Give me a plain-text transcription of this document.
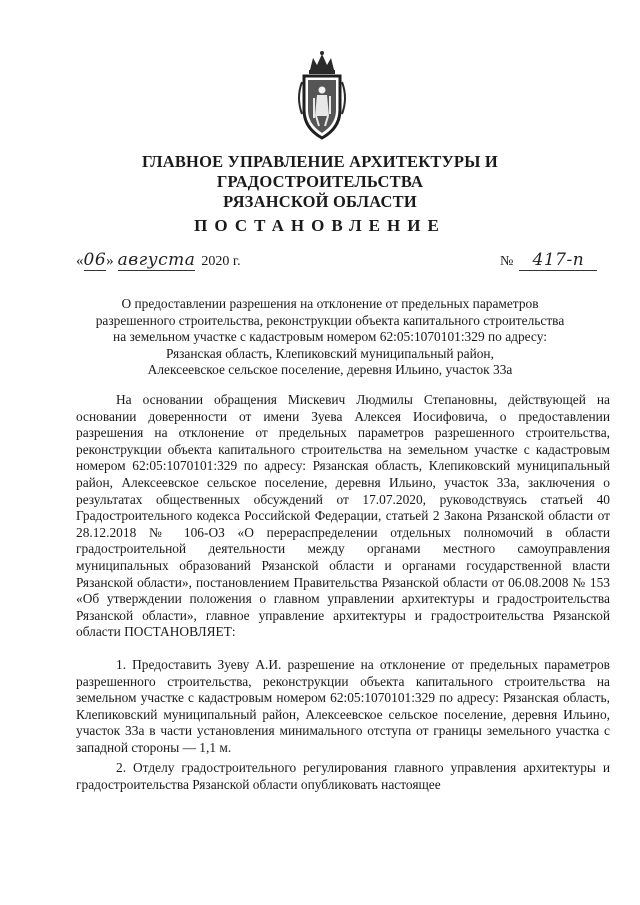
ГЛАВНОЕ УПРАВЛЕНИЕ АРХИТЕКТУРЫ И ГРАДОСТРОИТЕЛЬСТВА
РЯЗАНСКОЙ ОБЛАСТИ
ПОСТАНОВЛЕНИЕ
«06» августа 2020 г.	№ 417-п
О предоставлении разрешения на отклонение от предельных параметров
разрешенного строительства, реконструкции объекта капитального строительства
на земельном участке с кадастровым номером 62:05:1070101:329 по адресу:
Рязанская область, Клепиковский муниципальный район,
Алексеевское сельское поселение, деревня Ильино, участок 33а

На основании обращения Мискевич Людмилы Степановны, действующей на основании доверенности от имени Зуева Алексея Иосифовича, о предоставлении разрешения на отклонение от предельных параметров разрешенного строительства, реконструкции объекта капитального строительства на земельном участке с кадастровым номером 62:05:1070101:329 по адресу: Рязанская область, Клепиковский муниципальный район, Алексеевское сельское поселение, деревня Ильино, участок 33а, заключения о результатах общественных обсуждений от 17.07.2020, руководствуясь статьей 40 Градостроительного кодекса Российской Федерации, статьей 2 Закона Рязанской области от 28.12.2018 № 106-ОЗ «О перераспределении отдельных полномочий в области градостроительной деятельности между органами местного самоуправления муниципальных образований Рязанской области и органами государственной власти Рязанской области», постановлением Правительства Рязанской области от 06.08.2008 № 153 «Об утверждении положения о главном управлении архитектуры и градостроительства Рязанской области», главное управление архитектуры и градостроительства Рязанской области ПОСТАНОВЛЯЕТ:

1. Предоставить Зуеву А.И. разрешение на отклонение от предельных параметров разрешенного строительства, реконструкции объекта капитального строительства на земельном участке с кадастровым номером 62:05:1070101:329 по адресу: Рязанская область, Клепиковский муниципальный район, Алексеевское сельское поселение, деревня Ильино, участок 33а в части установления минимального отступа от границы земельного участка с западной стороны — 1,1 м.

2. Отделу градостроительного регулирования главного управления архитектуры и градостроительства Рязанской области опубликовать настоящее
